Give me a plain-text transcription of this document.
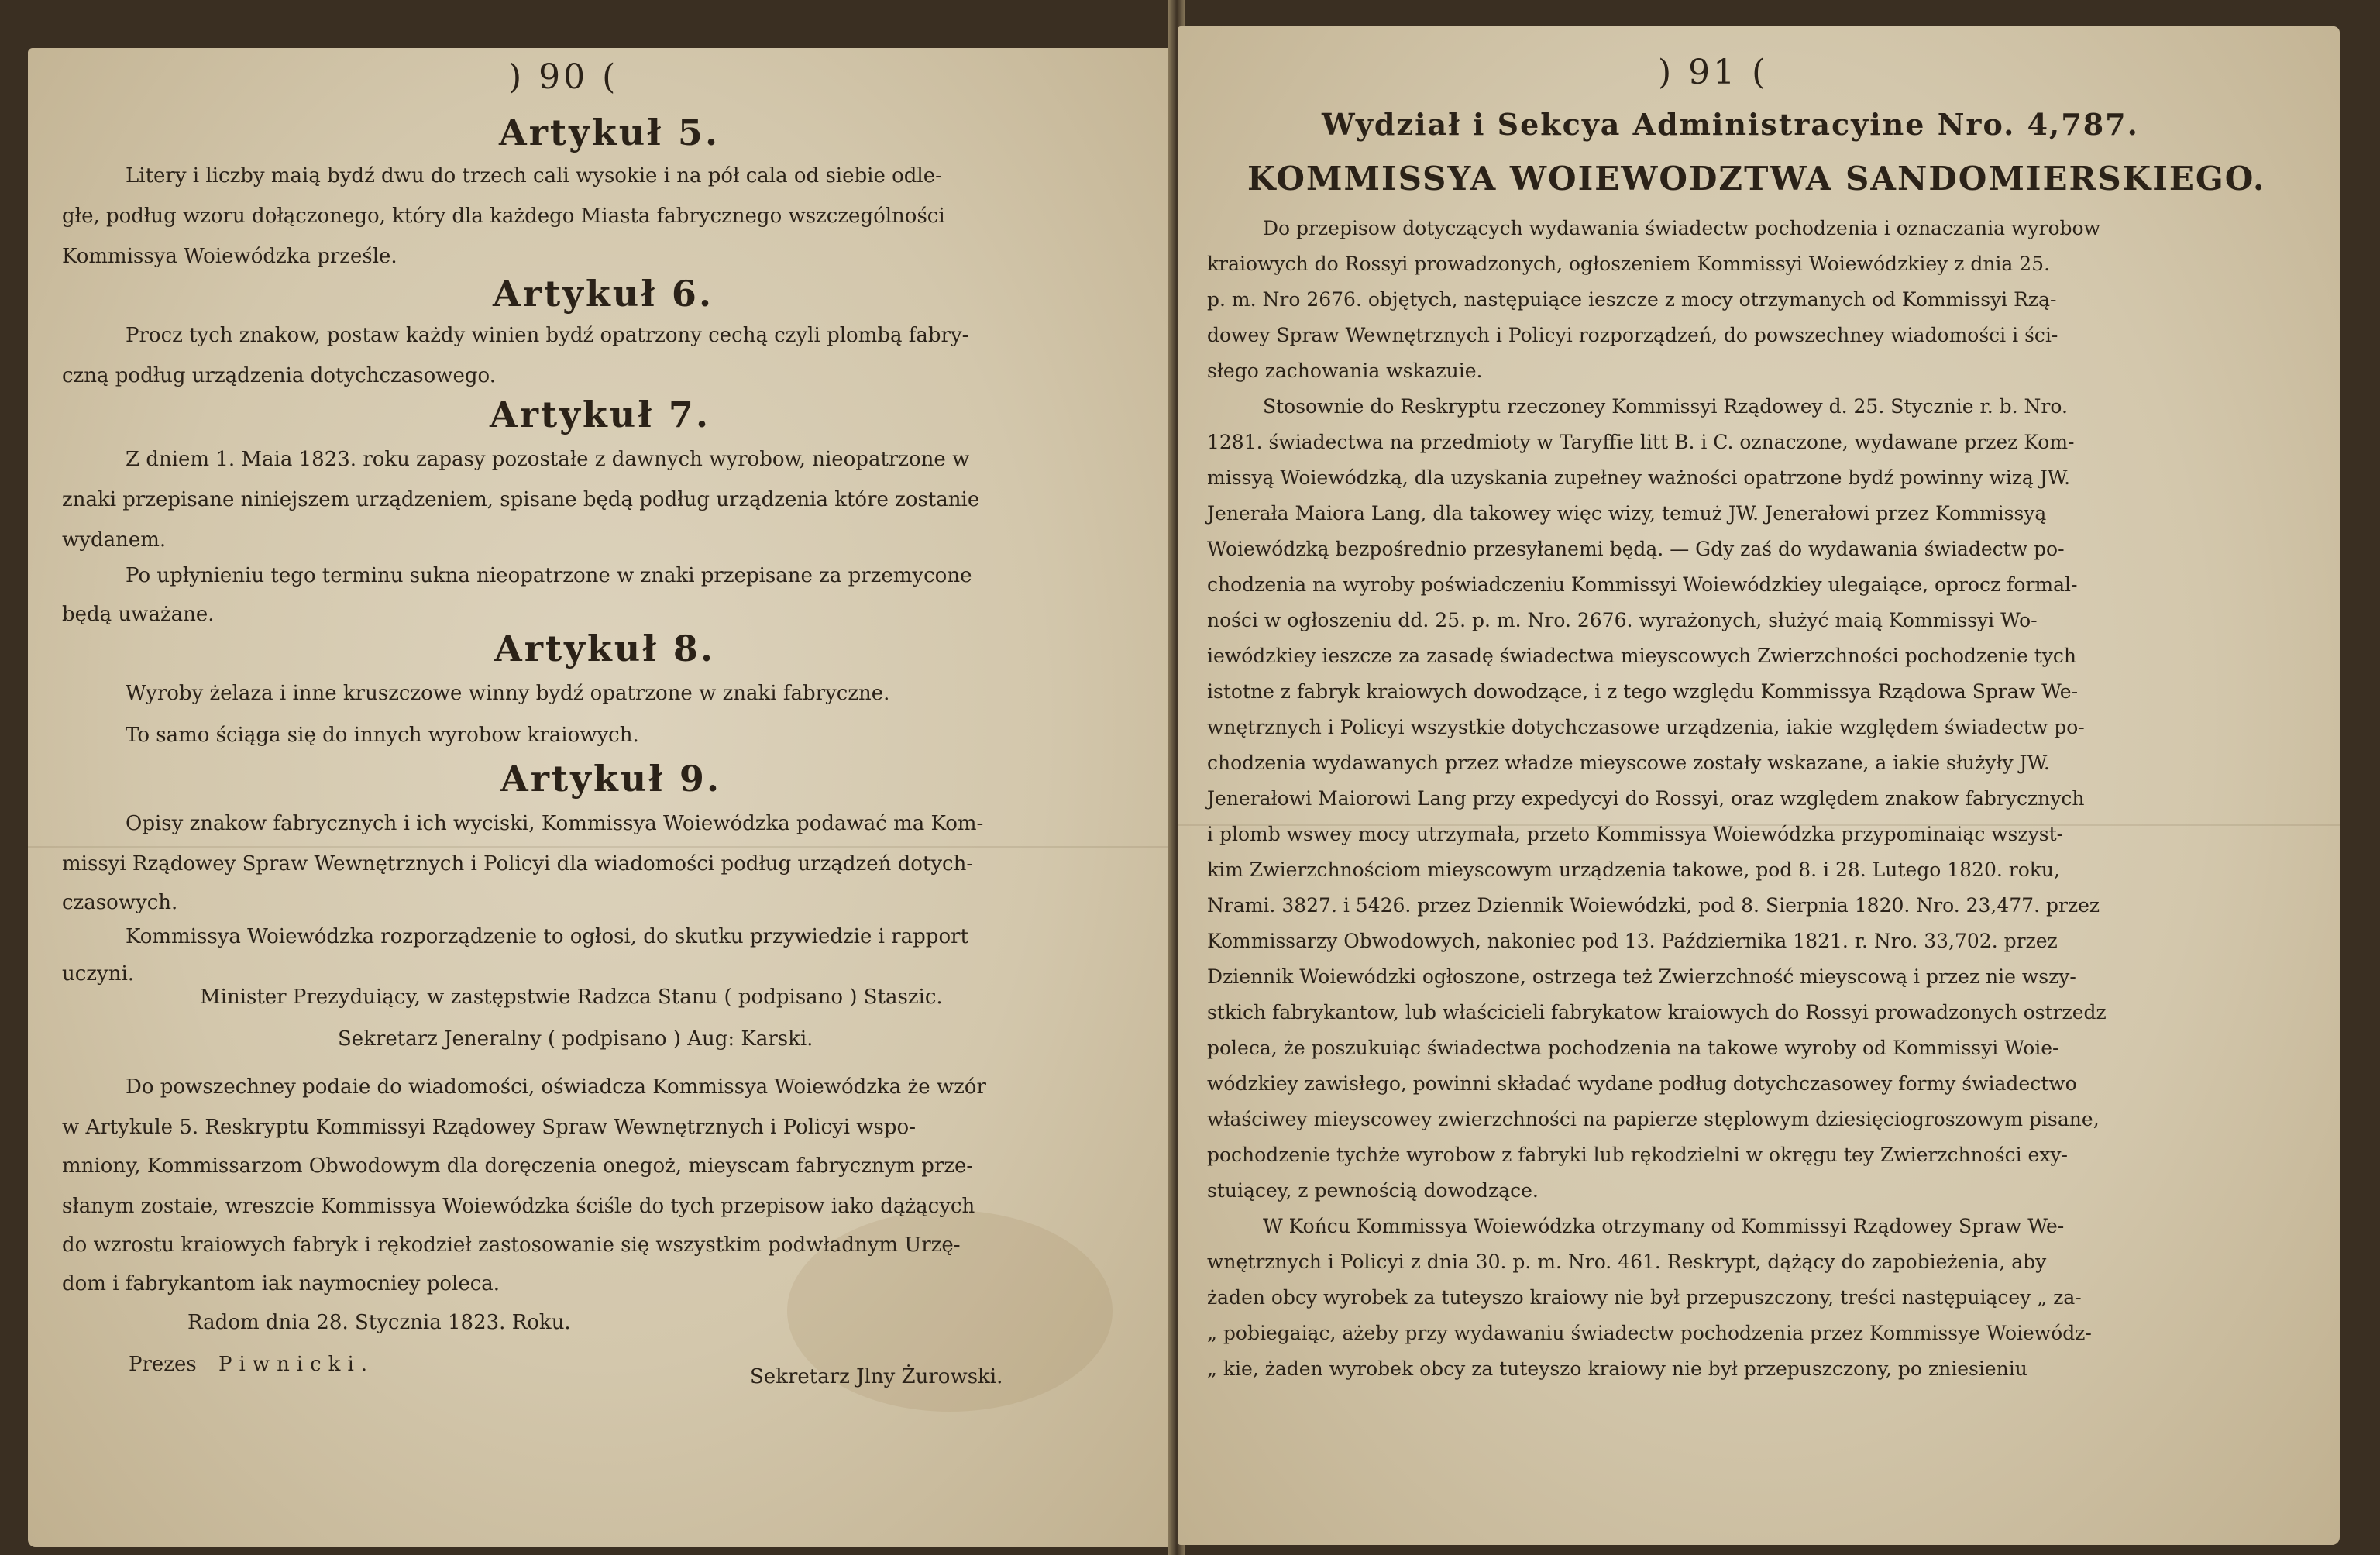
) 90 (
Artykuł 5.
Litery i liczby maią bydź dwu do trzech cali wysokie i na pół cala od siebie odle-
głe, podług wzoru dołączonego, który dla każdego Miasta fabrycznego wszczególności
Kommissya Woiewódzka prześle.
Artykuł 6.
Procz tych znakow, postaw każdy winien bydź opatrzony cechą czyli plombą fabry-
czną podług urządzenia dotychczasowego.
Artykuł 7.
Z dniem 1. Maia 1823. roku zapasy pozostałe z dawnych wyrobow, nieopatrzone w
znaki przepisane niniejszem urządzeniem, spisane będą podług urządzenia które zostanie
wydanem.
Po upłynieniu tego terminu sukna nieopatrzone w znaki przepisane za przemycone
będą uważane.
Artykuł 8.
Wyroby żelaza i inne kruszczowe winny bydź opatrzone w znaki fabryczne.
To samo ściąga się do innych wyrobow kraiowych.
Artykuł 9.
Opisy znakow fabrycznych i ich wyciski, Kommissya Woiewódzka podawać ma Kom-
missyi Rządowey Spraw Wewnętrznych i Policyi dla wiadomości podług urządzeń dotych-
czasowych.
Kommissya Woiewódzka rozporządzenie to ogłosi, do skutku przywiedzie i rapport
uczyni.
Minister Prezyduiący, w zastępstwie Radzca Stanu ( podpisano ) Staszic.
Sekretarz Jeneralny ( podpisano ) Aug: Karski.
Do powszechney podaie do wiadomości, oświadcza Kommissya Woiewódzka że wzór
w Artykule 5. Reskryptu Kommissyi Rządowey Spraw Wewnętrznych i Policyi wspo-
mniony, Kommissarzom Obwodowym dla doręczenia onegoż, mieyscam fabrycznym prze-
słanym zostaie, wreszcie Kommissya Woiewódzka ściśle do tych przepisow iako dążących
do wzrostu kraiowych fabryk i rękodzieł zastosowanie się wszystkim podwładnym Urzę-
dom i fabrykantom iak naymocniey poleca.
Radom dnia 28. Stycznia 1823. Roku.
Prezes Piwnicki.
Sekretarz Jlny Żurowski.
) 91 (
Wydział i Sekcya Administracyine Nro. 4,787.
KOMMISSYA WOIEWODZTWA SANDOMIERSKIEGO.
Do przepisow dotyczących wydawania świadectw pochodzenia i oznaczania wyrobow
kraiowych do Rossyi prowadzonych, ogłoszeniem Kommissyi Woiewódzkiey z dnia 25.
p. m. Nro 2676. objętych, następuiące ieszcze z mocy otrzymanych od Kommissyi Rzą-
dowey Spraw Wewnętrznych i Policyi rozporządzeń, do powszechney wiadomości i ści-
słego zachowania wskazuie.
Stosownie do Reskryptu rzeczoney Kommissyi Rządowey d. 25. Stycznie r. b. Nro.
1281. świadectwa na przedmioty w Taryffie litt B. i C. oznaczone, wydawane przez Kom-
missyą Woiewódzką, dla uzyskania zupełney ważności opatrzone bydź powinny wizą JW.
Jenerała Maiora Lang, dla takowey więc wizy, temuż JW. Jenerałowi przez Kommissyą
Woiewódzką bezpośrednio przesyłanemi będą. — Gdy zaś do wydawania świadectw po-
chodzenia na wyroby poświadczeniu Kommissyi Woiewódzkiey ulegaiące, oprocz formal-
ności w ogłoszeniu dd. 25. p. m. Nro. 2676. wyrażonych, służyć maią Kommissyi Wo-
iewódzkiey ieszcze za zasadę świadectwa mieyscowych Zwierzchności pochodzenie tych
istotne z fabryk kraiowych dowodzące, i z tego względu Kommissya Rządowa Spraw We-
wnętrznych i Policyi wszystkie dotychczasowe urządzenia, iakie względem świadectw po-
chodzenia wydawanych przez władze mieyscowe zostały wskazane, a iakie służyły JW.
Jenerałowi Maiorowi Lang przy expedycyi do Rossyi, oraz względem znakow fabrycznych
i plomb wswey mocy utrzymała, przeto Kommissya Woiewódzka przypominaiąc wszyst-
kim Zwierzchnościom mieyscowym urządzenia takowe, pod 8. i 28. Lutego 1820. roku,
Nrami. 3827. i 5426. przez Dziennik Woiewódzki, pod 8. Sierpnia 1820. Nro. 23,477. przez
Kommissarzy Obwodowych, nakoniec pod 13. Października 1821. r. Nro. 33,702. przez
Dziennik Woiewódzki ogłoszone, ostrzega też Zwierzchność mieyscową i przez nie wszy-
stkich fabrykantow, lub właścicieli fabrykatow kraiowych do Rossyi prowadzonych ostrzedz
poleca, że poszukuiąc świadectwa pochodzenia na takowe wyroby od Kommissyi Woie-
wódzkiey zawisłego, powinni składać wydane podług dotychczasowey formy świadectwo
właściwey mieyscowey zwierzchności na papierze stęplowym dziesięciogroszowym pisane,
pochodzenie tychże wyrobow z fabryki lub rękodzielni w okręgu tey Zwierzchności exy-
stuiącey, z pewnością dowodzące.
W Końcu Kommissya Woiewódzka otrzymany od Kommissyi Rządowey Spraw We-
wnętrznych i Policyi z dnia 30. p. m. Nro. 461. Reskrypt, dążący do zapobieżenia, aby
żaden obcy wyrobek za tuteyszo kraiowy nie był przepuszczony, treści następuiącey „ za-
„ pobiegaiąc, ażeby przy wydawaniu świadectw pochodzenia przez Kommissye Woiewódz-
„ kie, żaden wyrobek obcy za tuteyszo kraiowy nie był przepuszczony, po zniesieniu
